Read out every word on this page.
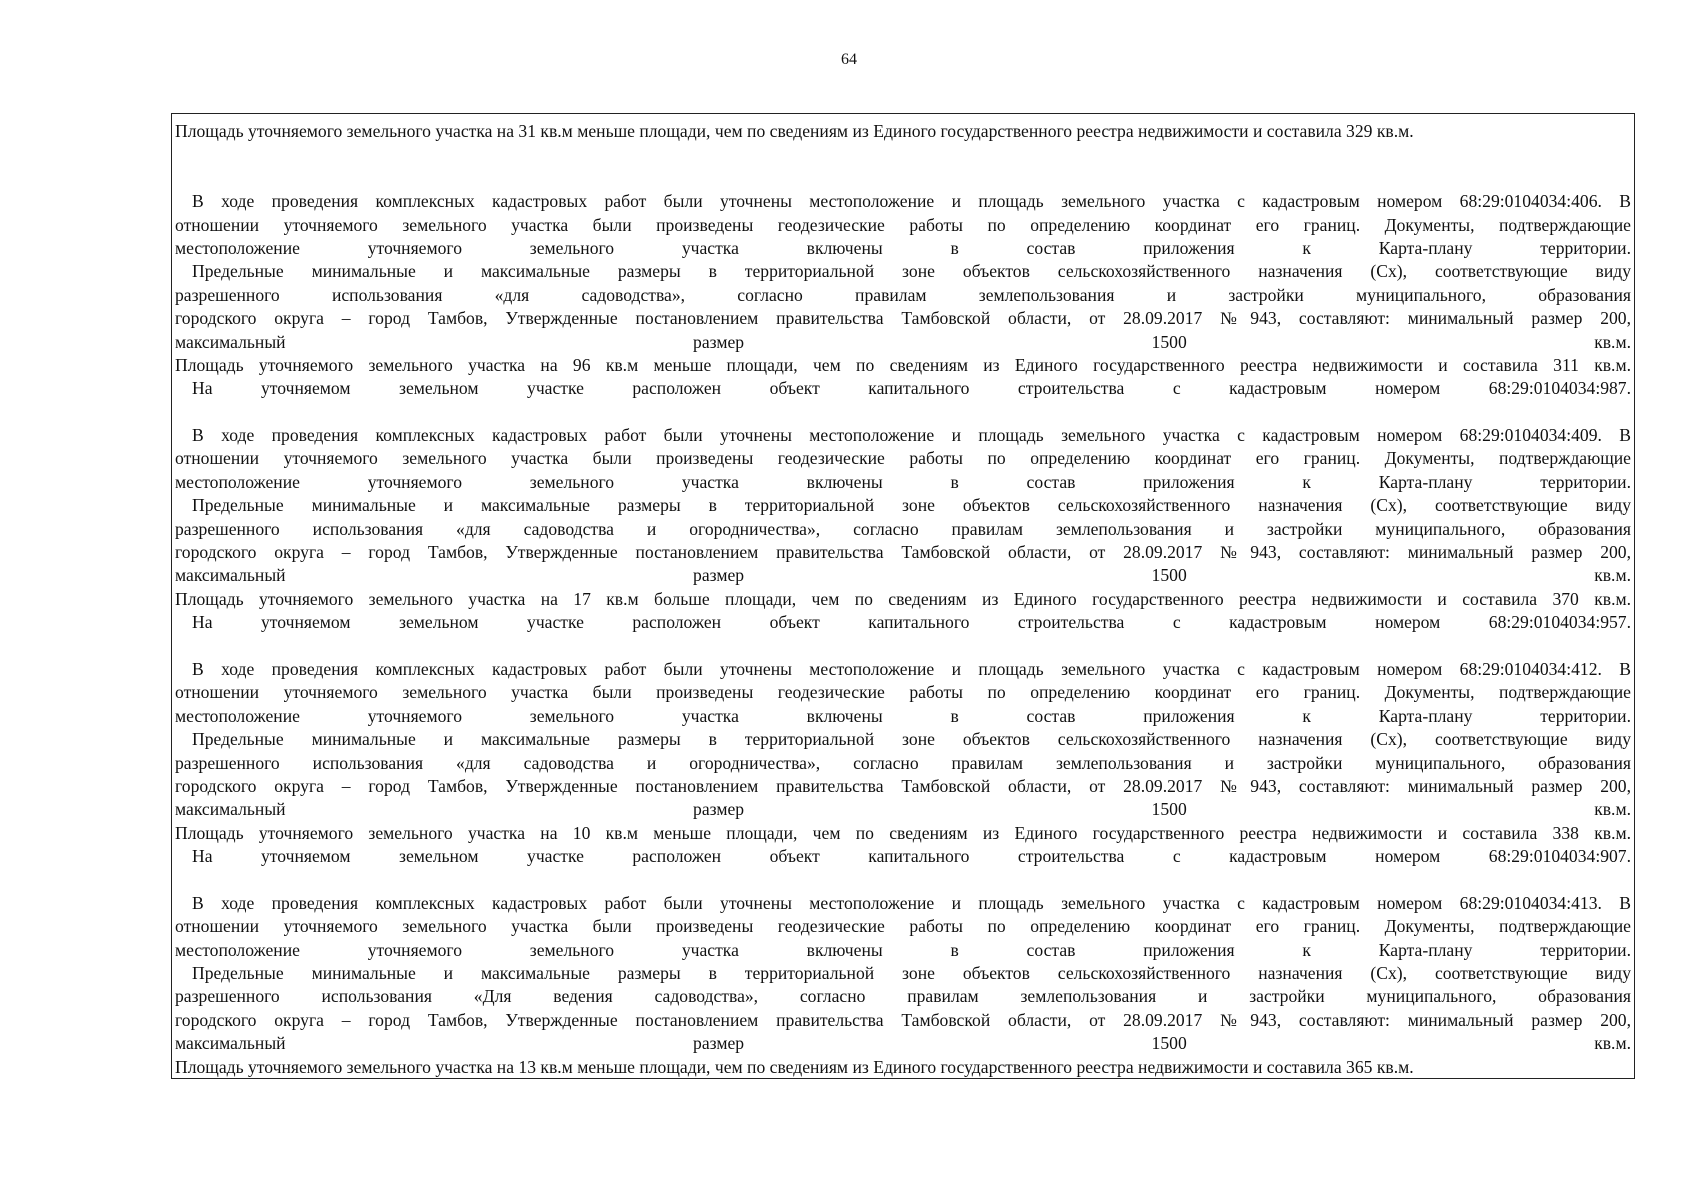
64
Площадь уточняемого земельного участка на 31 кв.м меньше площади, чем по сведениям из Единого государственного реестра недвижимости и составила 329 кв.м.
В ходе проведения комплексных кадастровых работ были уточнены местоположение и площадь земельного участка с кадастровым номером 68:29:0104034:406. В
отношении уточняемого земельного участка были произведены геодезические работы по определению координат его границ. Документы, подтверждающие
местоположение уточняемого земельного участка включены в состав приложения к Карта-плану территории.
Предельные минимальные и максимальные размеры в территориальной зоне объектов сельскохозяйственного назначения (Сх), соответствующие виду
разрешенного использования «для садоводства», согласно правилам землепользования и застройки муниципального, образования
городского округа – город Тамбов, Утвержденные постановлением правительства Тамбовской области, от 28.09.2017 №943, составляют: минимальный размер 200,
максимальный размер 1500 кв.м.
Площадь уточняемого земельного участка на 96 кв.м меньше площади, чем по сведениям из Единого государственного реестра недвижимости и составила 311 кв.м.
На уточняемом земельном участке расположен объект капитального строительства с кадастровым номером 68:29:0104034:987.
В ходе проведения комплексных кадастровых работ были уточнены местоположение и площадь земельного участка с кадастровым номером 68:29:0104034:409. В
отношении уточняемого земельного участка были произведены геодезические работы по определению координат его границ. Документы, подтверждающие
местоположение уточняемого земельного участка включены в состав приложения к Карта-плану территории.
Предельные минимальные и максимальные размеры в территориальной зоне объектов сельскохозяйственного назначения (Сх), соответствующие виду
разрешенного использования «для садоводства и огородничества», согласно правилам землепользования и застройки муниципального, образования
городского округа – город Тамбов, Утвержденные постановлением правительства Тамбовской области, от 28.09.2017 №943, составляют: минимальный размер 200,
максимальный размер 1500 кв.м.
Площадь уточняемого земельного участка на 17 кв.м больше площади, чем по сведениям из Единого государственного реестра недвижимости и составила 370 кв.м.
На уточняемом земельном участке расположен объект капитального строительства с кадастровым номером 68:29:0104034:957.
В ходе проведения комплексных кадастровых работ были уточнены местоположение и площадь земельного участка с кадастровым номером 68:29:0104034:412. В
отношении уточняемого земельного участка были произведены геодезические работы по определению координат его границ. Документы, подтверждающие
местоположение уточняемого земельного участка включены в состав приложения к Карта-плану территории.
Предельные минимальные и максимальные размеры в территориальной зоне объектов сельскохозяйственного назначения (Сх), соответствующие виду
разрешенного использования «для садоводства и огородничества», согласно правилам землепользования и застройки муниципального, образования
городского округа – город Тамбов, Утвержденные постановлением правительства Тамбовской области, от 28.09.2017 №943, составляют: минимальный размер 200,
максимальный размер 1500 кв.м.
Площадь уточняемого земельного участка на 10 кв.м меньше площади, чем по сведениям из Единого государственного реестра недвижимости и составила 338 кв.м.
На уточняемом земельном участке расположен объект капитального строительства с кадастровым номером 68:29:0104034:907.
В ходе проведения комплексных кадастровых работ были уточнены местоположение и площадь земельного участка с кадастровым номером 68:29:0104034:413. В
отношении уточняемого земельного участка были произведены геодезические работы по определению координат его границ. Документы, подтверждающие
местоположение уточняемого земельного участка включены в состав приложения к Карта-плану территории.
Предельные минимальные и максимальные размеры в территориальной зоне объектов сельскохозяйственного назначения (Сх), соответствующие виду
разрешенного использования «Для ведения садоводства», согласно правилам землепользования и застройки муниципального, образования
городского округа – город Тамбов, Утвержденные постановлением правительства Тамбовской области, от 28.09.2017 №943, составляют: минимальный размер 200,
максимальный размер 1500 кв.м.
Площадь уточняемого земельного участка на 13 кв.м меньше площади, чем по сведениям из Единого государственного реестра недвижимости и составила 365 кв.м.
